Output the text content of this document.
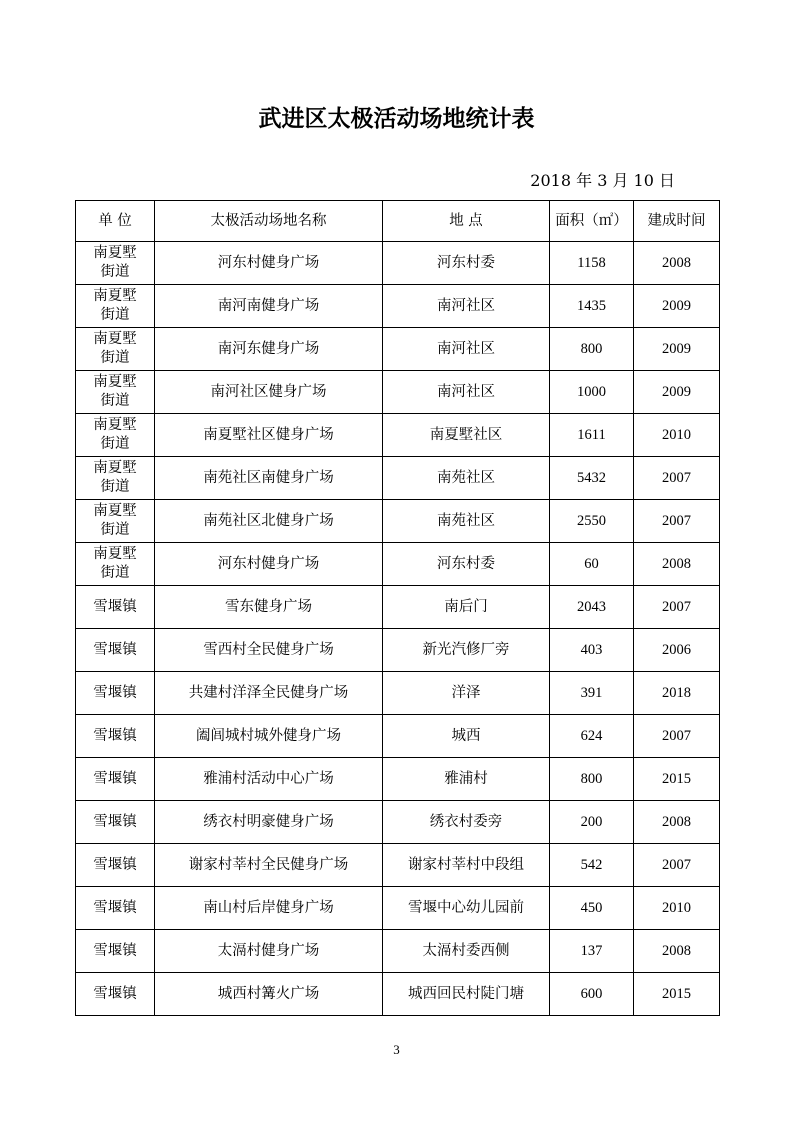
武进区太极活动场地统计表
2018 年 3 月 10 日
单 位	太极活动场地名称	地 点	面积（㎡）	建成时间
南夏墅
街道	河东村健身广场	河东村委	1158	2008
南夏墅
街道	南河南健身广场	南河社区	1435	2009
南夏墅
街道	南河东健身广场	南河社区	800	2009
南夏墅
街道	南河社区健身广场	南河社区	1000	2009
南夏墅
街道	南夏墅社区健身广场	南夏墅社区	1611	2010
南夏墅
街道	南苑社区南健身广场	南苑社区	5432	2007
南夏墅
街道	南苑社区北健身广场	南苑社区	2550	2007
南夏墅
街道	河东村健身广场	河东村委	60	2008
雪堰镇	雪东健身广场	南后门	2043	2007
雪堰镇	雪西村全民健身广场	新光汽修厂旁	403	2006
雪堰镇	共建村洋泽全民健身广场	洋泽	391	2018
雪堰镇	阖闾城村城外健身广场	城西	624	2007
雪堰镇	雅浦村活动中心广场	雅浦村	800	2015
雪堰镇	绣衣村明豪健身广场	绣衣村委旁	200	2008
雪堰镇	谢家村莘村全民健身广场	谢家村莘村中段组	542	2007
雪堰镇	南山村后岸健身广场	雪堰中心幼儿园前	450	2010
雪堰镇	太滆村健身广场	太滆村委西侧	137	2008
雪堰镇	城西村篝火广场	城西回民村陡门塘	600	2015
3
